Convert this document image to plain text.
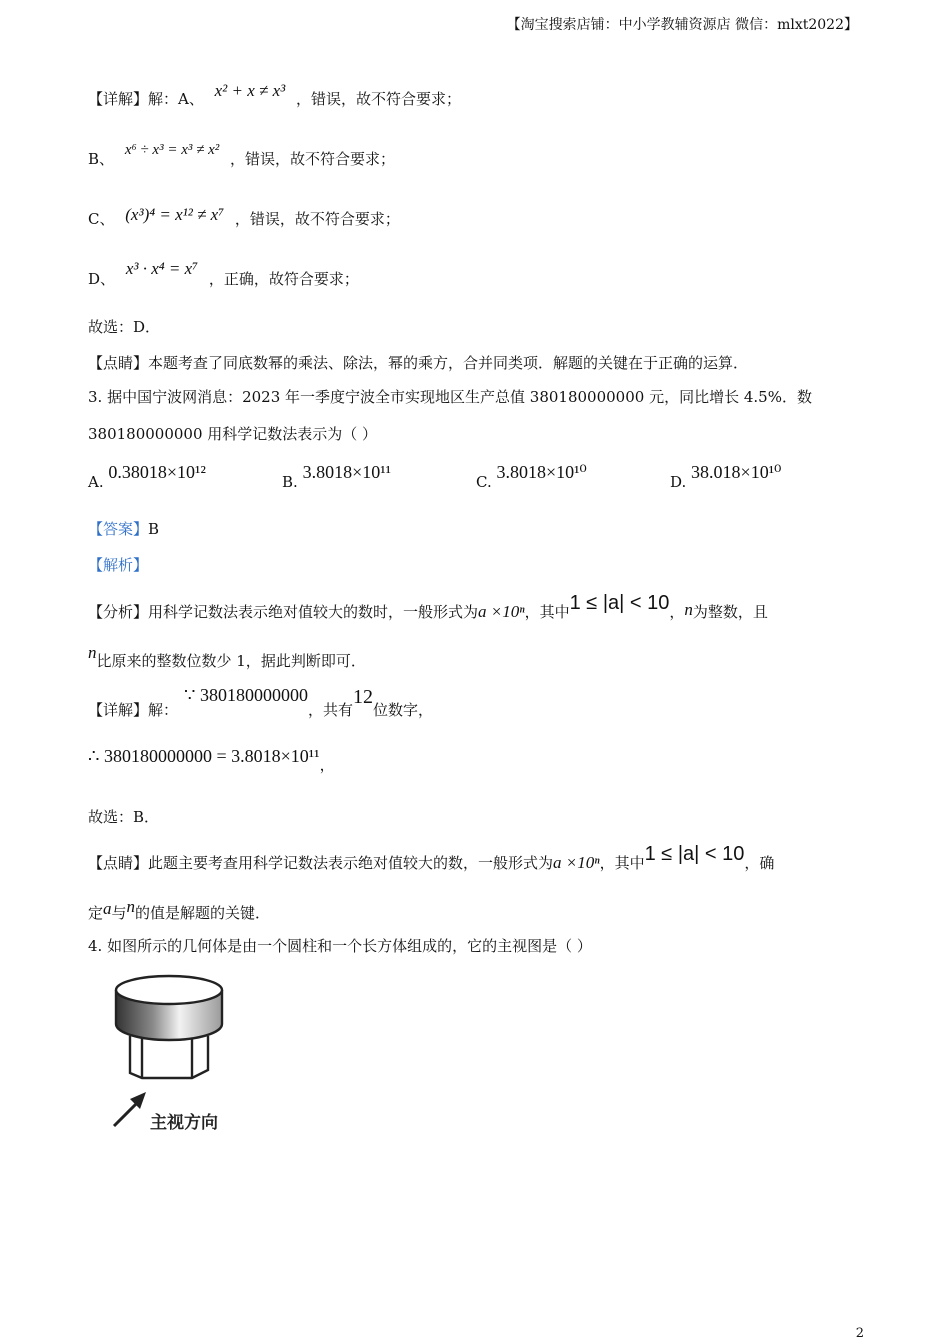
【淘宝搜索店铺：中小学教辅资源店 微信：mlxt2022】
【详解】解：A、 x² + x ≠ x³ ，错误，故不符合要求；
B、 x⁶ ÷ x³ = x³ ≠ x² ，错误，故不符合要求；
C、 (x³)⁴ = x¹² ≠ x⁷ ，错误，故不符合要求；
D、 x³ · x⁴ = x⁷ ，正确，故符合要求；
故选：D．
【点睛】本题考查了同底数幂的乘法、除法，幂的乘方，合并同类项．解题的关键在于正确的运算．
3. 据中国宁波网消息：2023 年一季度宁波全市实现地区生产总值 380180000000 元，同比增长 4.5%．数
380180000000 用科学记数法表示为（ ）
A. 0.38018×10¹²	B. 3.8018×10¹¹	C. 3.8018×10¹⁰	D. 38.018×10¹⁰
【答案】B
【解析】
【分析】用科学记数法表示绝对值较大的数时，一般形式为a ×10ⁿ，其中1 ≤ |a| < 10，n为整数，且
n比原来的整数位数少 1，据此判断即可．
【详解】解：∵ 380180000000，共有12位数字，
∴ 380180000000 = 3.8018×10¹¹，
故选：B．
【点睛】此题主要考查用科学记数法表示绝对值较大的数，一般形式为a ×10ⁿ，其中1 ≤ |a| < 10，确
定a与n的值是解题的关键．
4. 如图所示的几何体是由一个圆柱和一个长方体组成的，它的主视图是（ ）
主视方向
2
